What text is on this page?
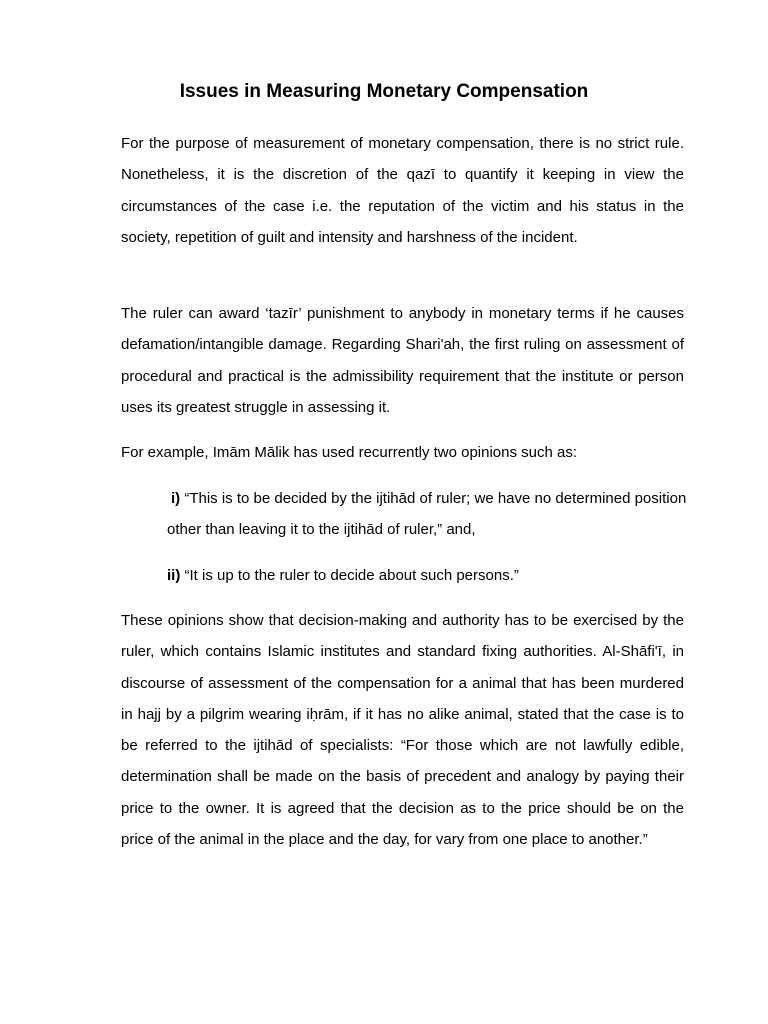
Issues in Measuring Monetary Compensation

For the purpose of measurement of monetary compensation, there is no strict rule. Nonetheless, it is the discretion of the qazī to quantify it keeping in view the circumstances of the case i.e. the reputation of the victim and his status in the society, repetition of guilt and intensity and harshness of the incident.

The ruler can award ‘tazīr’ punishment to anybody in monetary terms if he causes defamation/intangible damage. Regarding Shari'ah, the first ruling on assessment of procedural and practical is the admissibility requirement that the institute or person uses its greatest struggle in assessing it.

For example, Imām Mālik has used recurrently two opinions such as:

i) “This is to be decided by the ijtihād of ruler; we have no determined position other than leaving it to the ijtihād of ruler,” and,

ii) “It is up to the ruler to decide about such persons.”

These opinions show that decision-making and authority has to be exercised by the ruler, which contains Islamic institutes and standard fixing authorities. Al-Shāfi'ī, in discourse of assessment of the compensation for a animal that has been murdered in hajj by a pilgrim wearing iḥrām, if it has no alike animal, stated that the case is to be referred to the ijtihād of specialists: “For those which are not lawfully edible, determination shall be made on the basis of precedent and analogy by paying their price to the owner. It is agreed that the decision as to the price should be on the price of the animal in the place and the day, for vary from one place to another.”
